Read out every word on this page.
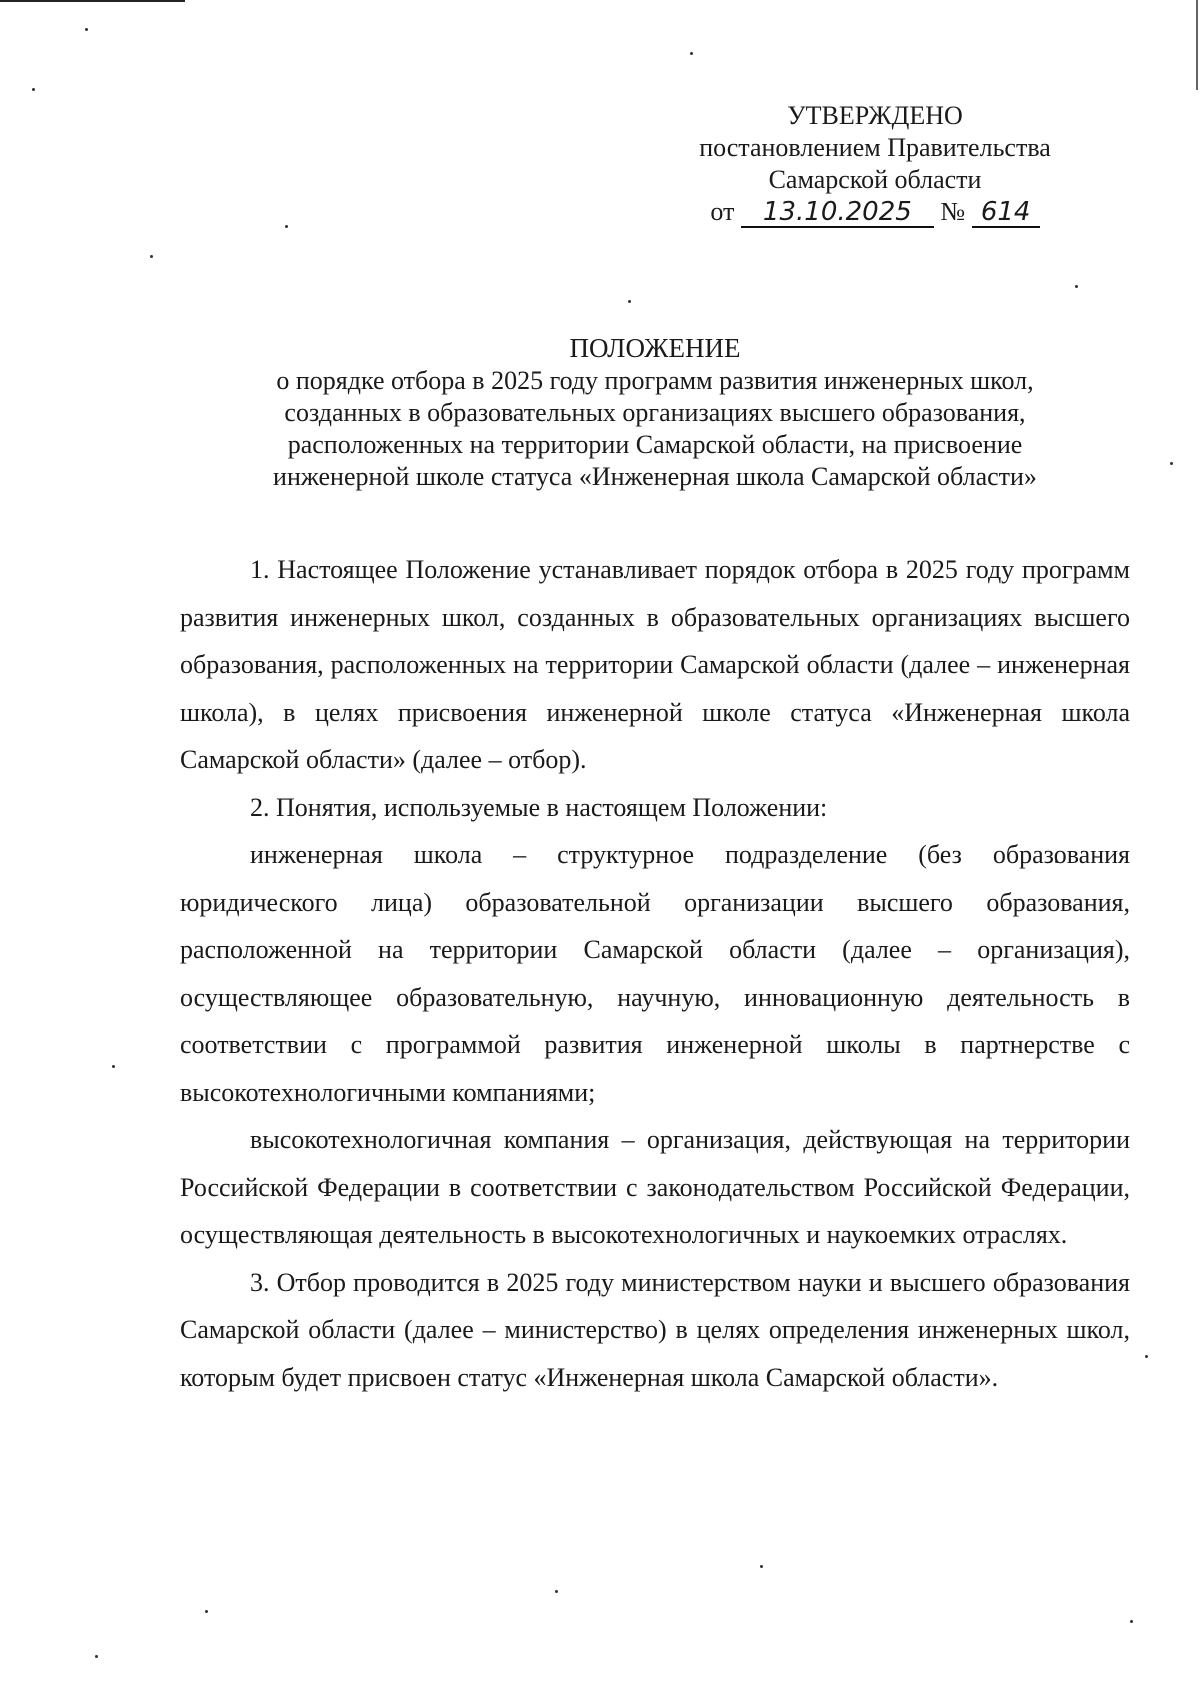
УТВЕРЖДЕНО
постановлением Правительства
Самарской области
от 13.10.2025 № 614
ПОЛОЖЕНИЕ
о порядке отбора в 2025 году программ развития инженерных школ,
созданных в образовательных организациях высшего образования,
расположенных на территории Самарской области, на присвоение
инженерной школе статуса «Инженерная школа Самарской области»

1. Настоящее Положение устанавливает порядок отбора в 2025 году программ развития инженерных школ, созданных в образовательных организациях высшего образования, расположенных на территории Самарской области (далее – инженерная школа), в целях присвоения инженерной школе статуса «Инженерная школа Самарской области» (далее – отбор).

2. Понятия, используемые в настоящем Положении:

инженерная школа – структурное подразделение (без образования юридического лица) образовательной организации высшего образования, расположенной на территории Самарской области (далее – организация), осуществляющее образовательную, научную, инновационную деятельность в соответствии с программой развития инженерной школы в партнерстве с высокотехнологичными компаниями;

высокотехнологичная компания – организация, действующая на территории Российской Федерации в соответствии с законодательством Российской Федерации, осуществляющая деятельность в высокотехнологичных и наукоемких отраслях.

3. Отбор проводится в 2025 году министерством науки и высшего образования Самарской области (далее – министерство) в целях определения инженерных школ, которым будет присвоен статус «Инженерная школа Самарской области».
